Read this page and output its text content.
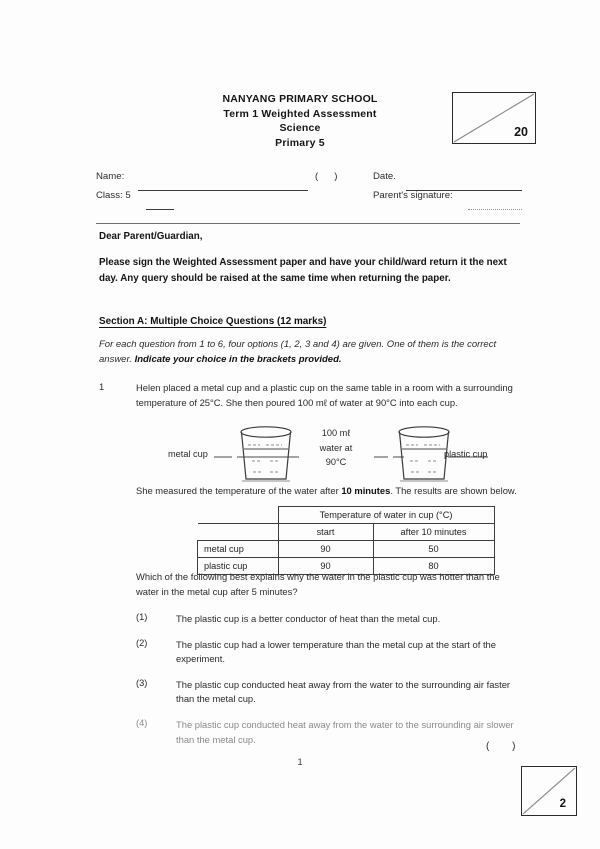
NANYANG PRIMARY SCHOOL
Term 1 Weighted Assessment
Science
Primary 5
20
Name:	(   )	Date.
Class: 5	Parent's signature:
Dear Parent/Guardian,
Please sign the Weighted Assessment paper and have your child/ward return it the next day. Any query should be raised at the same time when returning the paper.
Section A: Multiple Choice Questions (12 marks)
For each question from 1 to 6, four options (1, 2, 3 and 4) are given. One of them is the correct answer. Indicate your choice in the brackets provided.
1	Helen placed a metal cup and a plastic cup on the same table in a room with a surrounding temperature of 25°C. She then poured 100 mℓ of water at 90°C into each cup.
metal cup	plastic cup
100 mℓ
water at
90°C
She measured the temperature of the water after 10 minutes. The results are shown below.
	Temperature of water in cup (°C)	
	start	after 10 minutes
metal cup	90	50
plastic cup	90	80
Which of the following best explains why the water in the plastic cup was hotter than the water in the metal cup after 5 minutes?
(1)	The plastic cup is a better conductor of heat than the metal cup.
(2)	The plastic cup had a lower temperature than the metal cup at the start of the experiment.
(3)	The plastic cup conducted heat away from the water to the surrounding air faster than the metal cup.
(4)	The plastic cup conducted heat away from the water to the surrounding air slower than the metal cup.
( )
1
2
